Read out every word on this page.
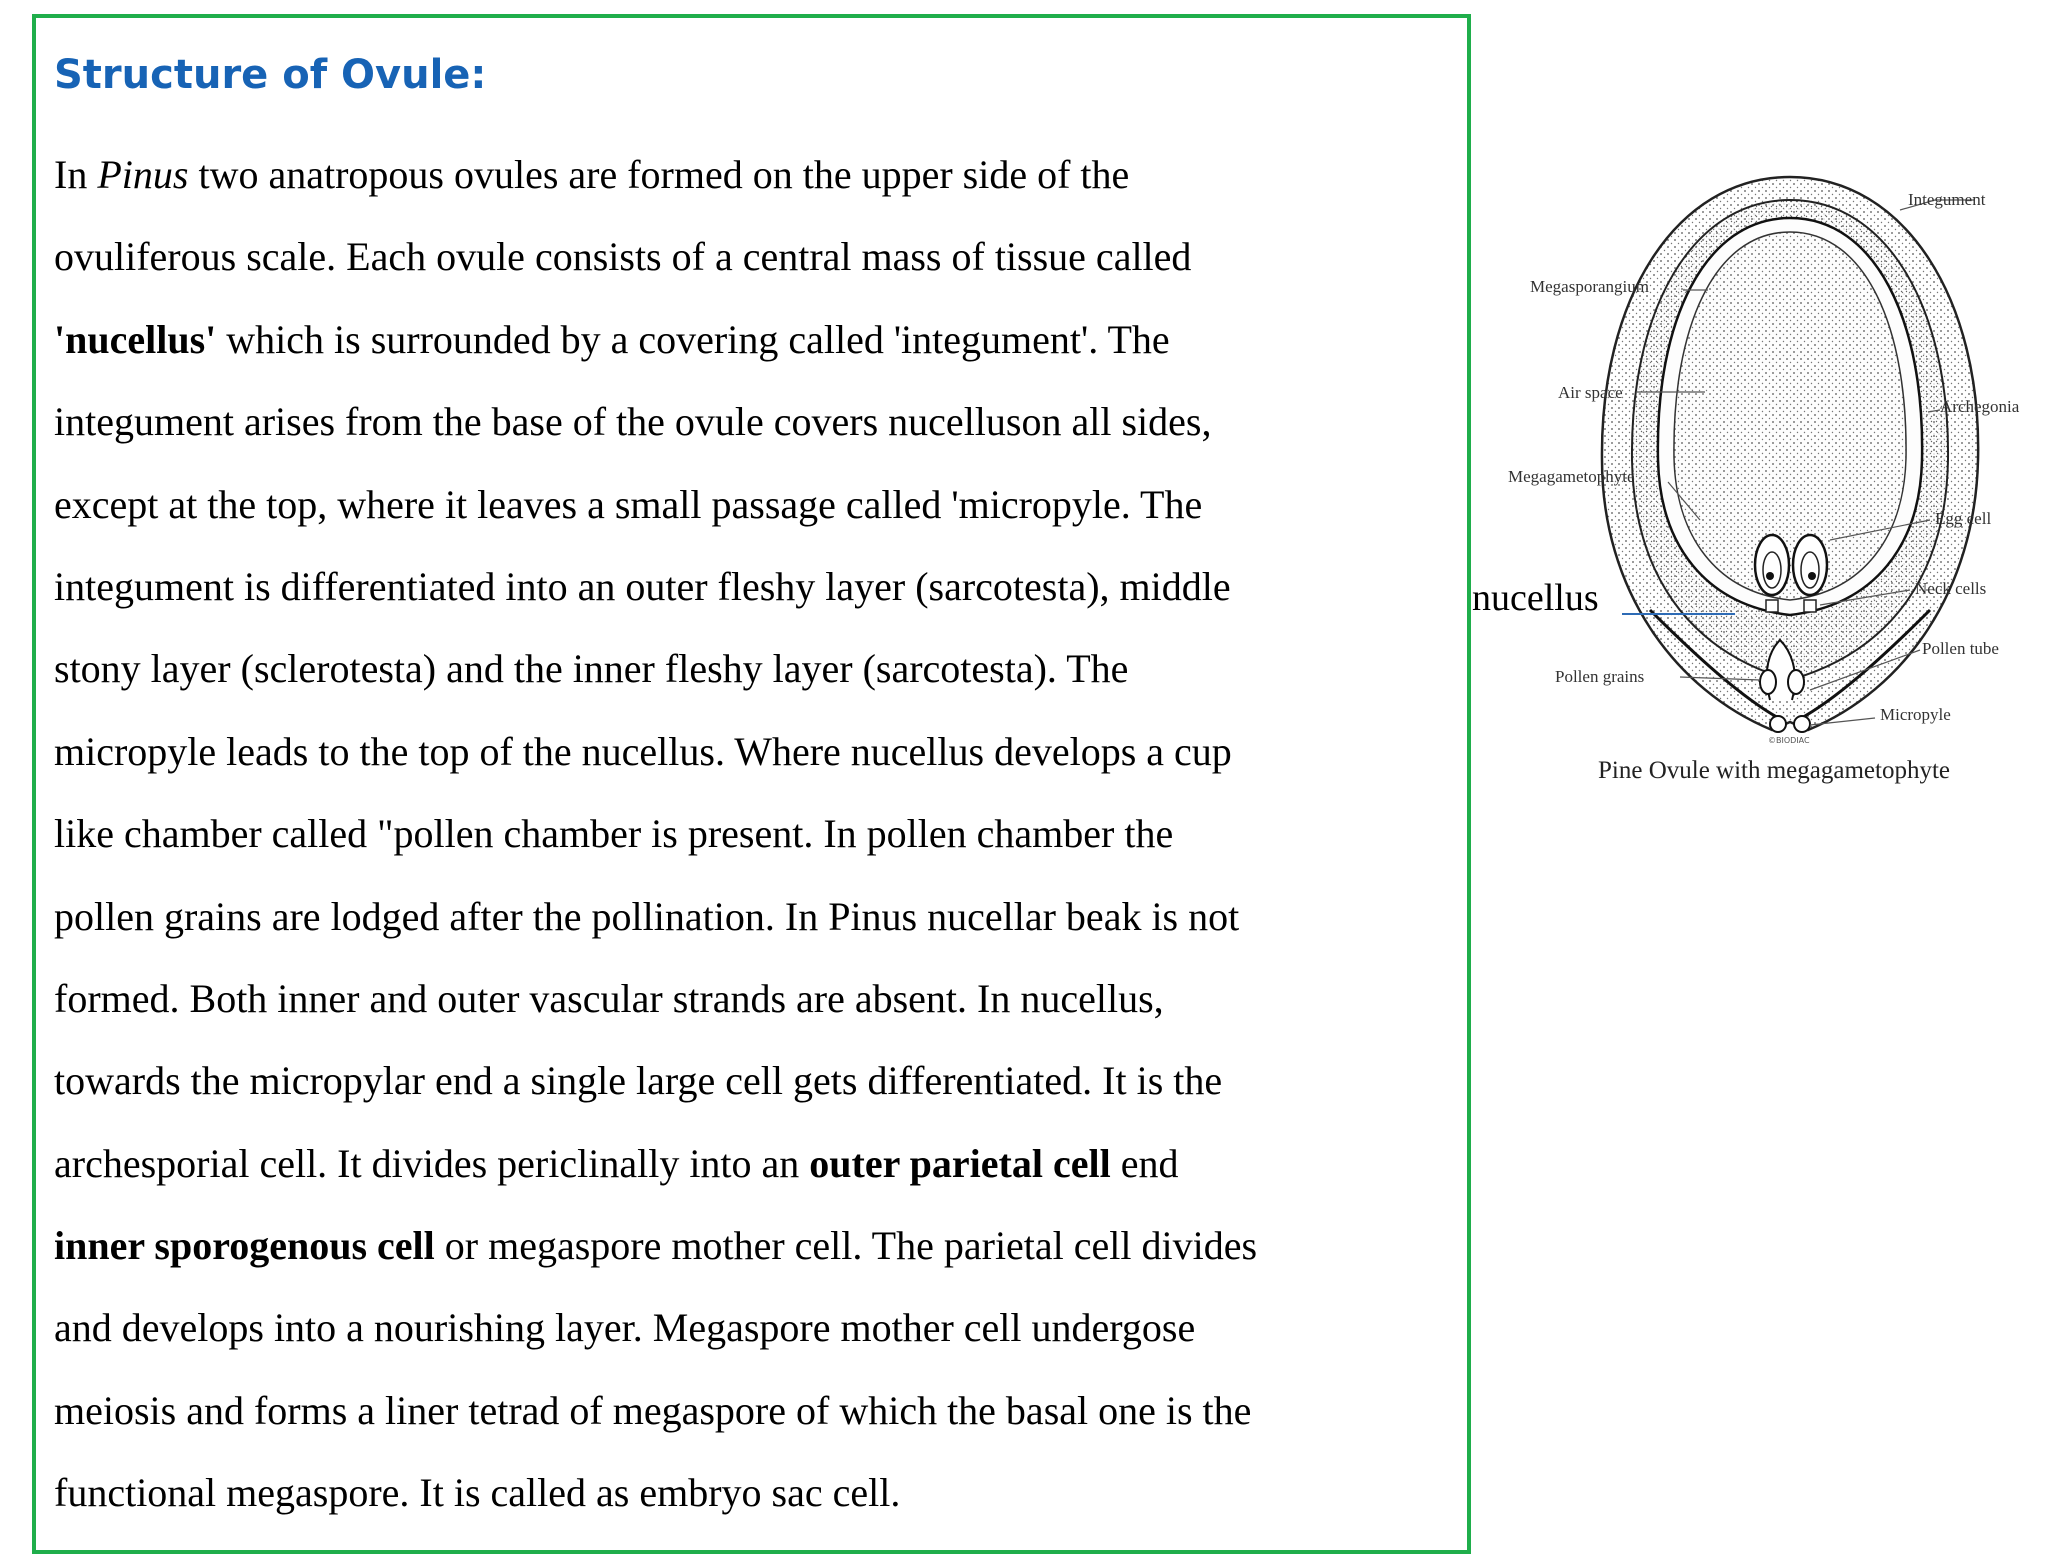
Structure of Ovule:
In Pinus two anatropous ovules are formed on the upper side of the
ovuliferous scale. Each ovule consists of a central mass of tissue called
'nucellus' which is surrounded by a covering called 'integument'. The
integument arises from the base of the ovule covers nucelluson all sides,
except at the top, where it leaves a small passage called 'micropyle. The
integument is differentiated into an outer fleshy layer (sarcotesta), middle
stony layer (sclerotesta) and the inner fleshy layer (sarcotesta). The
micropyle leads to the top of the nucellus. Where nucellus develops a cup
like chamber called "pollen chamber is present. In pollen chamber the
pollen grains are lodged after the pollination. In Pinus nucellar beak is not
formed. Both inner and outer vascular strands are absent. In nucellus,
towards the micropylar end a single large cell gets differentiated. It is the
archesporial cell. It divides periclinally into an outer parietal cell end
inner sporogenous cell or megaspore mother cell. The parietal cell divides
and develops into a nourishing layer. Megaspore mother cell undergose
meiosis and forms a liner tetrad of megaspore of which the basal one is the
functional megaspore. It is called as embryo sac cell.
nucellus
Integument
Megasporangium
Air space
Archegonia
Megagametophyte
Egg cell
Neck cells
Pollen tube
Pollen grains
Micropyle
©BIODIAC
Pine Ovule with megagametophyte
